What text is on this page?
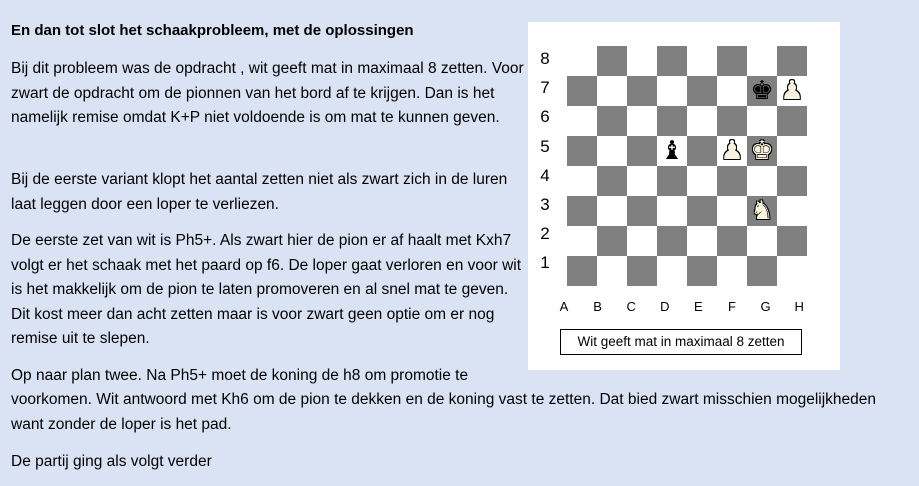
En dan tot slot het schaakprobleem, met de oplossingen

Bij dit probleem was de opdracht , wit geeft mat in maximaal 8 zetten. Voor zwart de opdracht om de pionnen van het bord af te krijgen. Dan is het namelijk remise omdat K+P niet voldoende is om mat te kunnen geven.

Bij de eerste variant klopt het aantal zetten niet als zwart zich in de luren laat leggen door een loper te verliezen.

De eerste zet van wit is Ph5+. Als zwart hier de pion er af haalt met Kxh7 volgt er het schaak met het paard op f6. De loper gaat verloren en voor wit is het makkelijk om de pion te laten promoveren en al snel mat te geven. Dit kost meer dan acht zetten maar is voor zwart geen optie om er nog remise uit te slepen.

Op naar plan twee. Na Ph5+ moet de koning de h8 om promotie te

voorkomen. Wit antwoord met Kh6 om de pion te dekken en de koning vast te zetten. Dat bied zwart misschien mogelijkheden want zonder de loper is het pad.

De partij ging als volgt verder

8
7
6
5
4
3
2
1
A	B	C	D	E	F	G	H
♚ ♟
♝ ♟ ♚
♞
Wit geeft mat in maximaal 8 zetten
